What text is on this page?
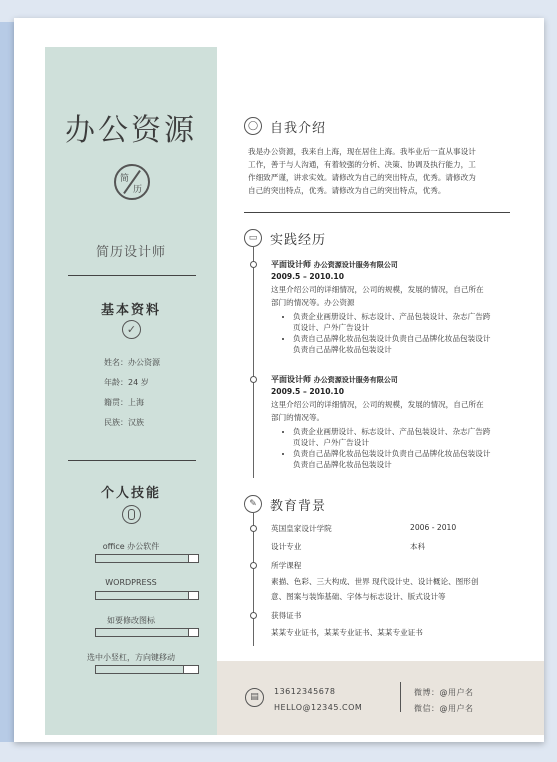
办公资源
简
历
简历设计师
基本资料
✓
姓名：办公资源
年龄：24 岁
籍贯：上海
民族：汉族
个人技能
office 办公软件
WORDPRESS
如要修改图标
选中小竖杠，方向键移动
◯ 自我介绍
我是办公资源，我来自上海，现在居住上海。我毕业后一直从事设计
工作，善于与人沟通，有着较强的分析、决策、协调及执行能力，工
作细致严谨，讲求实效。请修改为自己的突出特点，优秀。请修改为
自己的突出特点，优秀。请修改为自己的突出特点，优秀。
▭ 实践经历
平面设计师 办公资源设计服务有限公司
2009.5 – 2010.10
这里介绍公司的详细情况，公司的规模，发展的情况，自己所在
部门的情况等。办公资源
• 负责企业画册设计、标志设计、产品包装设计、杂志广告跨
页设计、户外广告设计
• 负责自己品牌化妆品包装设计负责自己品牌化妆品包装设计
负责自己品牌化妆品包装设计
平面设计师 办公资源设计服务有限公司
2009.5 – 2010.10
这里介绍公司的详细情况，公司的规模，发展的情况，自己所在
部门的情况等。
• 负责企业画册设计、标志设计、产品包装设计、杂志广告跨
页设计、户外广告设计
• 负责自己品牌化妆品包装设计负责自己品牌化妆品包装设计
负责自己品牌化妆品包装设计
✎	教育背景
英国皇家设计学院	2006 - 2010
设计专业	本科
所学课程
素描、色彩、三大构成、世界 现代设计史、设计概论、图形创
意、图案与装饰基础、字体与标志设计、版式设计等
获得证书
某某专业证书，某某专业证书、某某专业证书
▤
13612345678
HELLO@12345.COM
微博：@用户名
微信：@用户名
